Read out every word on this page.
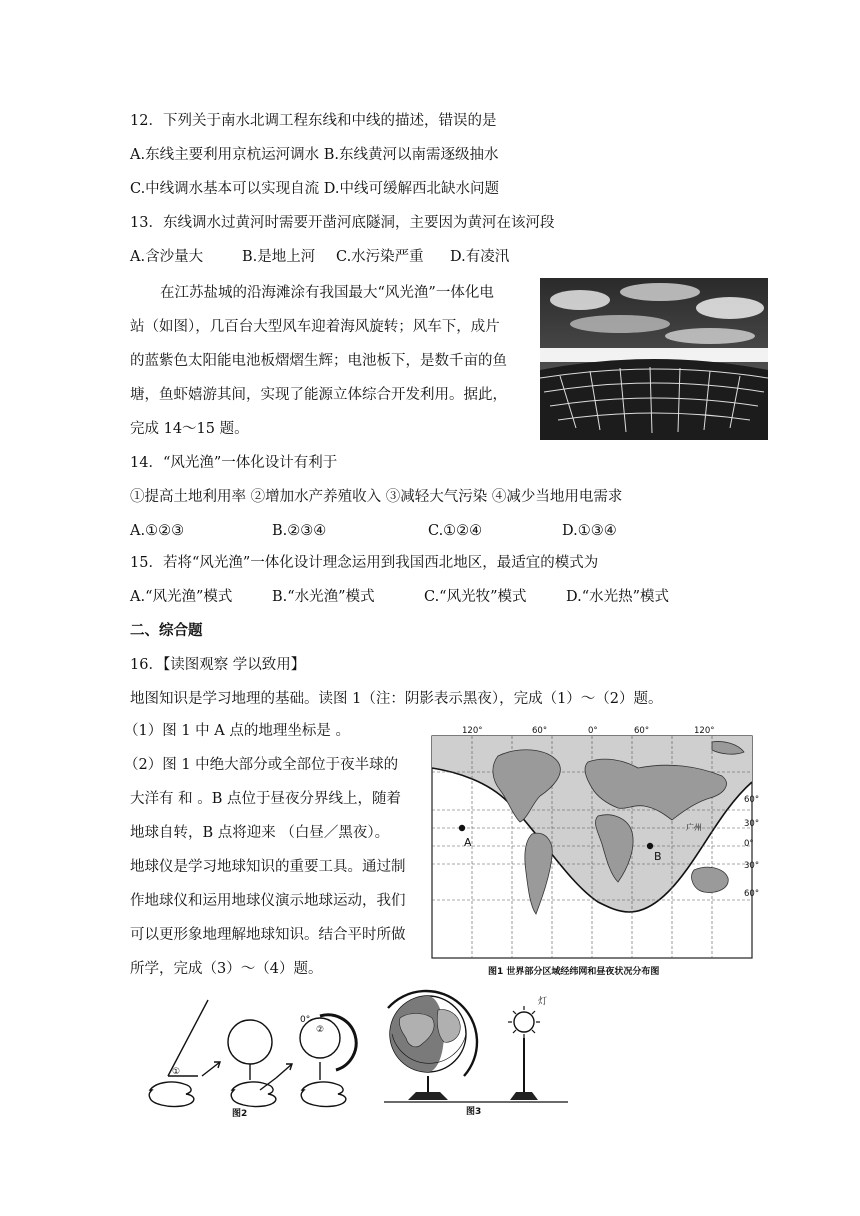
12．下列关于南水北调工程东线和中线的描述，错误的是
A.东线主要利用京杭运河调水 B.东线黄河以南需逐级抽水
C.中线调水基本可以实现自流 D.中线可缓解西北缺水问题
13．东线调水过黄河时需要开凿河底隧洞，主要因为黄河在该河段
A.含沙量大	B.是地上河 C.水污染严重 D.有凌汛
在江苏盐城的沿海滩涂有我国最大“风光渔”一体化电
站（如图），几百台大型风车迎着海风旋转；风车下，成片
的蓝紫色太阳能电池板熠熠生辉；电池板下，是数千亩的鱼
塘，鱼虾嬉游其间，实现了能源立体综合开发利用。据此，
完成 14～15 题。
14．“风光渔”一体化设计有利于
①提高土地利用率 ②增加水产养殖收入 ③减轻大气污染 ④减少当地用电需求
A.①②③	B.②③④	C.①②④	D.①③④
15．若将“风光渔”一体化设计理念运用到我国西北地区，最适宜的模式为
A.“风光渔”模式	B.“水光渔”模式	C.“风光牧”模式	D.“水光热”模式
二、综合题
16．【读图观察 学以致用】
地图知识是学习地理的基础。读图 1（注：阴影表示黑夜），完成（1）～（2）题。
（1）图 1 中 A 点的地理坐标是 。
（2）图 1 中绝大部分或全部位于夜半球的
大洋有 和 。B 点位于昼夜分界线上，随着
地球自转，B 点将迎来 （白昼／黑夜）。
地球仪是学习地球知识的重要工具。通过制
作地球仪和运用地球仪演示地球运动，我们
可以更形象地理解地球知识。结合平时所做
所学，完成（3）～（4）题。
A
B
广州
120°	60°	0°	60°	120°
60°
30°
0°
30°
60°
图1 世界部分区域经纬网和昼夜状况分布图
①
0°
②
图2
灯
图3
